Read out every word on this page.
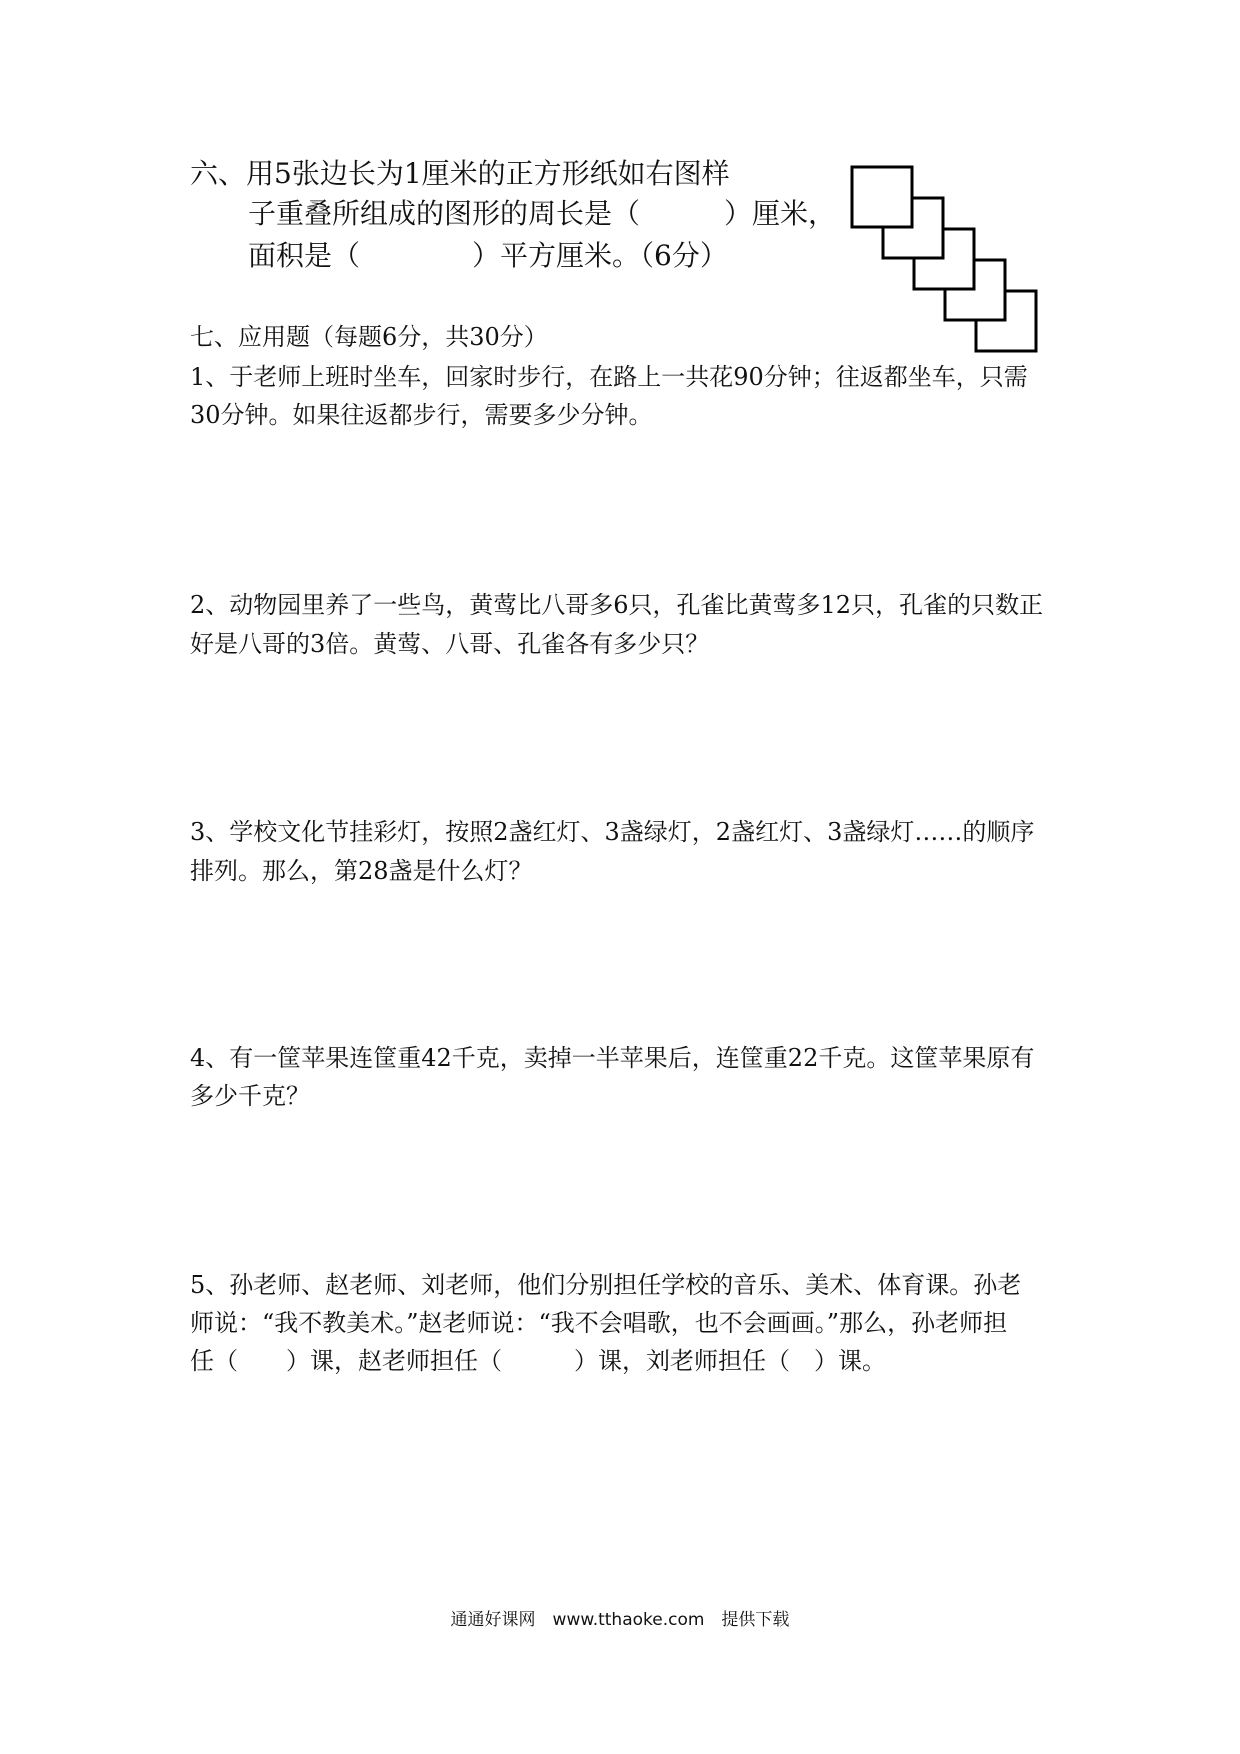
六、用5张边长为1厘米的正方形纸如右图样
子重叠所组成的图形的周长是（　　　）厘米，
面积是（　　　　）平方厘米。（6分）
七、应用题（每题6分，共30分）
1、于老师上班时坐车，回家时步行，在路上一共花90分钟；往返都坐车，只需
30分钟。如果往返都步行，需要多少分钟。
2、动物园里养了一些鸟，黄莺比八哥多6只，孔雀比黄莺多12只，孔雀的只数正
好是八哥的3倍。黄莺、八哥、孔雀各有多少只？
3、学校文化节挂彩灯，按照2盏红灯、3盏绿灯，2盏红灯、3盏绿灯……的顺序
排列。那么，第28盏是什么灯？
4、有一筐苹果连筐重42千克，卖掉一半苹果后，连筐重22千克。这筐苹果原有
多少千克？
5、孙老师、赵老师、刘老师，他们分别担任学校的音乐、美术、体育课。孙老
师说：“我不教美术。”赵老师说：“我不会唱歌，也不会画画。”那么，孙老师担
任（　　）课，赵老师担任（　　　）课，刘老师担任（　）课。
通通好课网　www.tthaoke.com　提供下载
